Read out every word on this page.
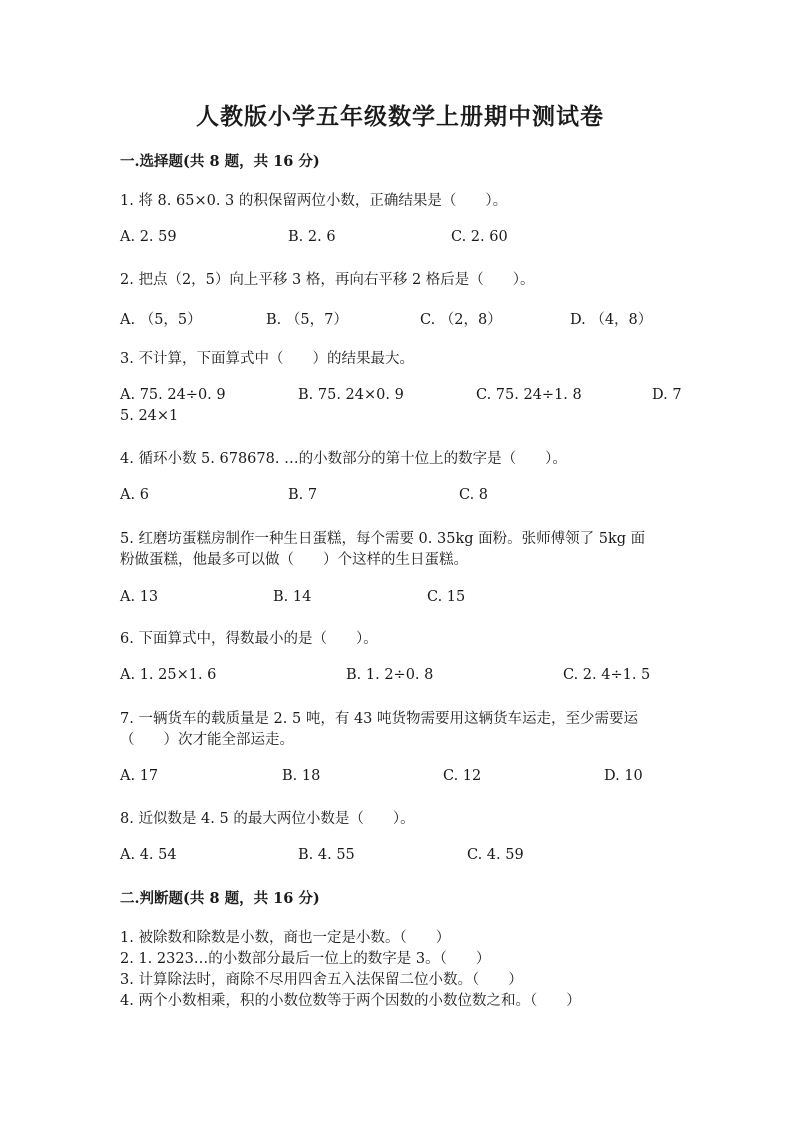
人教版小学五年级数学上册期中测试卷
一.选择题(共 8 题，共 16 分)
1. 将 8. 65×0. 3 的积保留两位小数，正确结果是（　　）。
A. 2. 59	B. 2. 6	C. 2. 60
2. 把点（2，5）向上平移 3 格，再向右平移 2 格后是（　　）。
A. （5，5）	B. （5，7）	C. （2，8）	D. （4，8）
3. 不计算，下面算式中（　　）的结果最大。
A. 75. 24÷0. 9	B. 75. 24×0. 9	C. 75. 24÷1. 8	D. 7
5. 24×1
4. 循环小数 5. 678678. …的小数部分的第十位上的数字是（　　）。
A. 6	B. 7	C. 8
5. 红磨坊蛋糕房制作一种生日蛋糕，每个需要 0. 35kg 面粉。张师傅领了 5kg 面
粉做蛋糕，他最多可以做（　　）个这样的生日蛋糕。
A. 13	B. 14	C. 15
6. 下面算式中，得数最小的是（　　）。
A. 1. 25×1. 6	B. 1. 2÷0. 8	C. 2. 4÷1. 5
7. 一辆货车的载质量是 2. 5 吨，有 43 吨货物需要用这辆货车运走，至少需要运
（　　）次才能全部运走。
A. 17	B. 18	C. 12	D. 10
8. 近似数是 4. 5 的最大两位小数是（　　）。
A. 4. 54	B. 4. 55	C. 4. 59
二.判断题(共 8 题，共 16 分)
1. 被除数和除数是小数，商也一定是小数。（　　）
2. 1. 2323…的小数部分最后一位上的数字是 3。（　　）
3. 计算除法时，商除不尽用四舍五入法保留二位小数。（　　）
4. 两个小数相乘，积的小数位数等于两个因数的小数位数之和。（　　）
